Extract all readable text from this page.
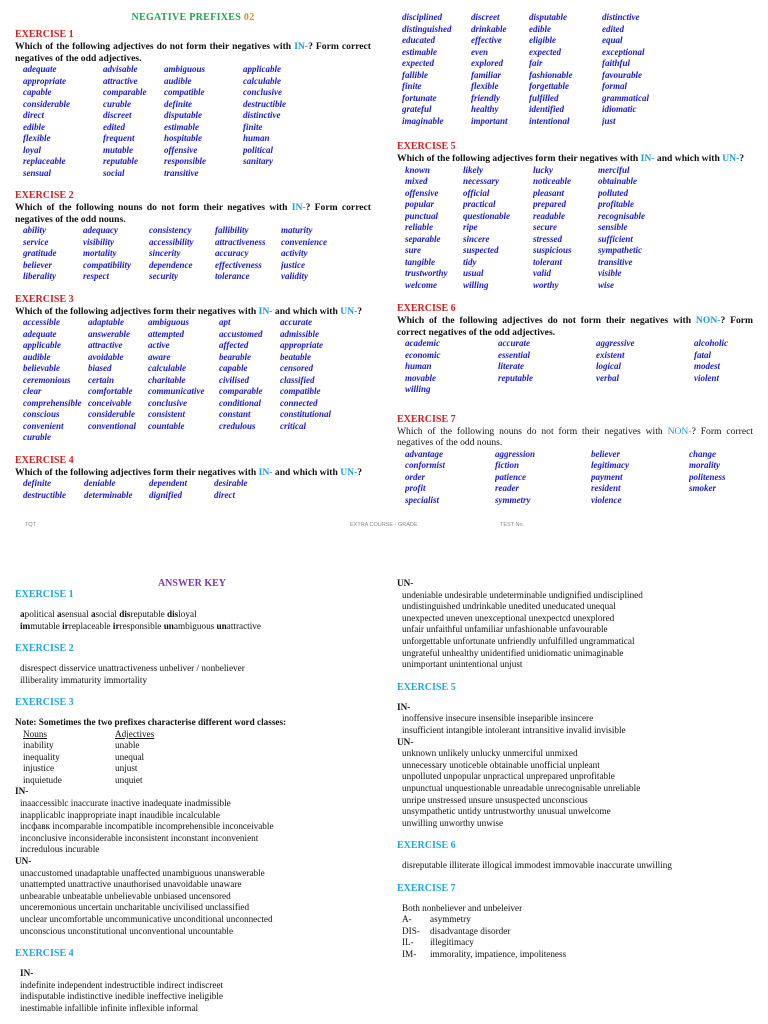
NEGATIVE PREFIXES 02
EXERCISE 1
Which of the following adjectives do not form their negatives with IN-? Form correct negatives of the odd adjectives.
adequate	advisable	ambiguous	applicable
appropriate	attractive	audible	calculable
capable	comparable	compatible	conclusive
considerable	curable	definite	destructible
direct	discreet	disputable	distinctive
edible	edited	estimable	finite
flexible	frequent	hospitable	human
loyal	mutable	offensive	political
replaceable	reputable	responsible	sanitary
sensual	social	transitive
EXERCISE 2
Which of the following nouns do not form their negatives with IN-? Form correct negatives of the odd nouns.
ability	adequacy	consistency	fallibility	maturity
service	visibility	accessibility	attractiveness	convenience
gratitude	mortality	sincerity	accuracy	activity
believer	compatibility	dependence	effectiveness	justice
liberality	respect	security	tolerance	validity
EXERCISE 3
Which of the following adjectives form their negatives with IN- and which with UN-?
accessible	adaptable	ambiguous	apt	accurate
adequate	answerable	attempted	accustomed	admissible
applicable	attractive	active	affected	appropriate
audible	avoidable	aware	bearable	beatable
believable	biased	calculable	capable	censored
ceremonious	certain	charitable	civilised	classified
clear	comfortable	communicative	comparable	compatible
comprehensible conceivable	conclusive	conditional	connected
conscious	considerable	consistent	constant	constitutional
convenient	conventional	countable	credulous	critical
curable
EXERCISE 4
Which of the following adjectives form their negatives with IN- and which with UN-?
definite	deniable	dependent	desirable
destructible	determinable	dignified	direct
disciplined	discreet	disputable	distinctive
distinguished	drinkable	edible	edited
educated	effective	eligible	equal
estimable	even	expected	exceptional
expected	explored	fair	faithful
fallible	familiar	fashionable	favourable
finite	flexible	forgettable	formal
fortunate	friendly	fulfilled	grammatical
grateful	healthy	identified	idiomatic
imaginable	important	intentional	just
EXERCISE 5
Which of the following adjectives form their negatives with IN- and which with UN-?
known	likely	lucky	merciful
mixed	necessary	noticeable	obtainable
offensive	official	pleasant	polluted
popular	practical	prepared	profitable
punctual	questionable	readable	recognisable
reliable	ripe	secure	sensible
separable	sincere	stressed	sufficient
sure	suspected	suspicious	sympathetic
tangible	tidy	tolerant	transitive
trustworthy	usual	valid	visible
welcome	willing	worthy	wise
EXERCISE 6
Which of the following adjectives do not form their negatives with NON-? Form correct negatives of the odd adjectives.
academic	accurate	aggressive	alcoholic
economic	essential	existent	fatal
human	literate	logical	modest
movable	reputable	verbal	violent
willing
EXERCISE 7
Which of the following nouns do not form their negatives with NON-? Form correct negatives of the odd nouns.
advantage	aggression	believer	change
conformist	fiction	legitimacy	morality
order	patience	payment	politeness
profit	reader	resident	smoker
specialist	symmetry	violence
TQT	EXTRA COURSE - GRADE	TEST No.
ANSWER KEY
EXERCISE 1
apolitical asensual asocial disreputable disloyal
immutable irreplaceable irresponsible unambiguous unattractive
EXERCISE 2
disrespect disservice unattractiveness unbeliver / nonbeliever
illiberality immaturity immortality
EXERCISE 3
Note: Sometimes the two prefixes characterise different word classes:
Nouns	Adjectives
inability	unable
inequality	unequal
injustice	unjust
inquietude	unquiet
IN-
inaaccessiblc inaccurate inactive inadequate inadmissible
inapplicablc inappropriate inapt inaudible incalculable
incфавк incomparable incompatible incomprehensible inconceivable
inconclusive inconsiderable inconsistent inconstant inconvenient
incredulous incurable
UN-
unaccustomed unadaptable unaffected unambiguous unanswerable
unattempted unattractive unauthorised unavoidable unaware
unbearable unbeatable unbelievable unbiased uncensored
unceremonious uncertain uncharitable uncivilised unclassified
unclear uncomfortable uncommunicative unconditional unconnected
unconscious unconstitutional unconventional uncountable
EXERCISE 4
IN-
indefinite independent indestructible indirect indiscreet
indisputable indistinctive inedible ineffective ineligible
inestimable infallible infinite inflexible informal
UN-
undeniable undesirable undeterminable undignified undisciplined
undistinguished undrinkable unedited uneducated unequal
unexpected uneven unexceptional unexpectcd unexplored
unfair unfaithful unfamiliar unfashionable unfavourable
unforgettable unfortunate unfriendly unfulfilled ungrammatical
ungrateful unhealthy unidentified unidiomatic unimaginable
unimportant unintentional unjust
EXERCISE 5
IN-
inoffensive insecure insensible inseparible insincere
insufficient intangible intolerant intransitive invalid invisible
UN-
unknown unlikely unlucky unmerciful unmixed
unnecessary unoticeble obtainable unofficial unpleant
unpolluted unpopular unpractical unprepared unprofitable
unpunctual unquestionable unreadable unrecognisable unreliable
unripe unstressed unsure unsuspected unconscious
unsympathetic untidy untrustworthy unusual unwelcome
unwilling unworthy unwise
EXERCISE 6
disreputable illiterate illogical immodest immovable inaccurate unwilling
EXERCISE 7
Both nonbeliever and unbeleiver
A-	asymmetry
DIS-	disadvantage disorder
IL-	illegitimacy
IM-	immorality, impatience, impoliteness
